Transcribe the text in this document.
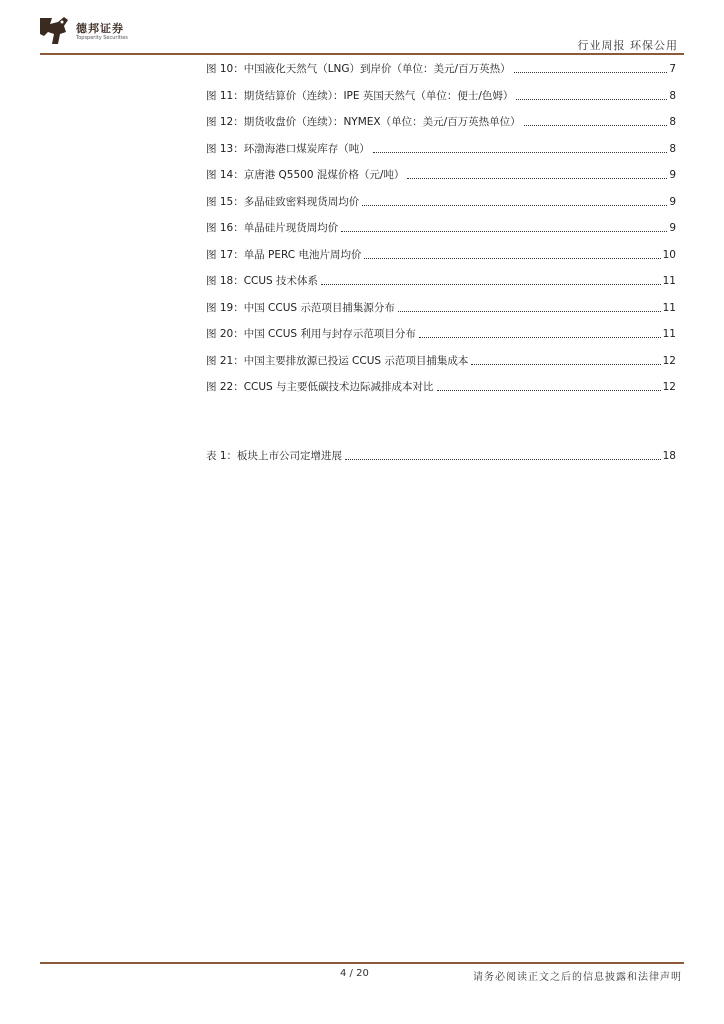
德邦证券
Topsperity Securities
行业周报 环保公用
图 10：中国液化天然气（LNG）到岸价（单位：美元/百万英热）	7
图 11：期货结算价（连续）：IPE 英国天然气（单位：便士/色姆）	8
图 12：期货收盘价（连续）：NYMEX（单位：美元/百万英热单位）	8
图 13：环渤海港口煤炭库存（吨）	8
图 14：京唐港 Q5500 混煤价格（元/吨）	9
图 15：多晶硅致密料现货周均价	9
图 16：单晶硅片现货周均价	9
图 17：单晶 PERC 电池片周均价	10
图 18：CCUS 技术体系	11
图 19：中国 CCUS 示范项目捕集源分布	11
图 20：中国 CCUS 利用与封存示范项目分布	11
图 21：中国主要排放源已投运 CCUS 示范项目捕集成本	12
图 22：CCUS 与主要低碳技术边际减排成本对比	12
表 1：板块上市公司定增进展	18
4 / 20	请务必阅读正文之后的信息披露和法律声明
